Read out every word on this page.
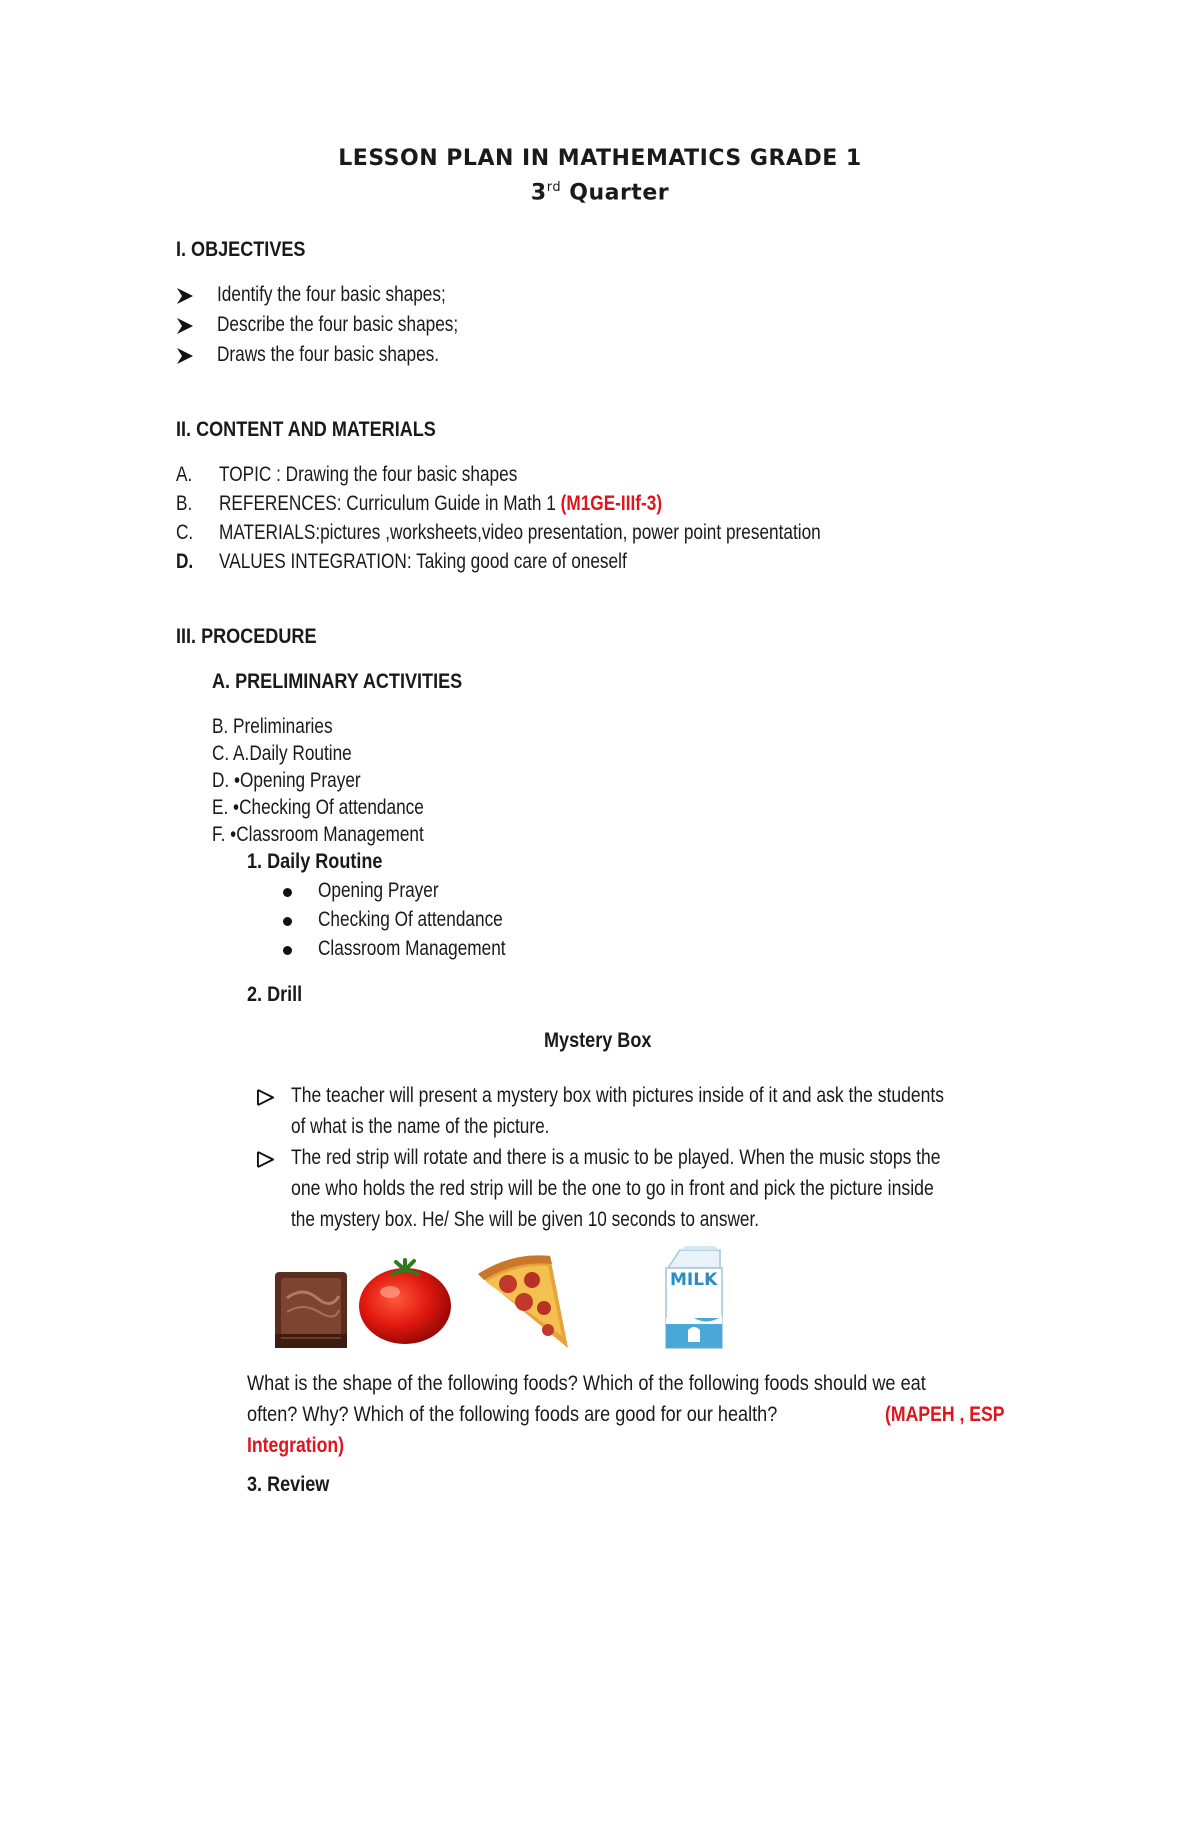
LESSON PLAN IN MATHEMATICS GRADE 1
3rd Quarter
I. OBJECTIVES
Identify the four basic shapes;
Describe the four basic shapes;
Draws the four basic shapes.
II. CONTENT AND MATERIALS
A. TOPIC : Drawing the four basic shapes
B. REFERENCES: Curriculum Guide in Math 1 (M1GE-IIIf-3)
C. MATERIALS:pictures ,worksheets,video presentation, power point presentation
D. VALUES INTEGRATION: Taking good care of oneself
III. PROCEDURE
A. PRELIMINARY ACTIVITIES
B. Preliminaries
C. A.Daily Routine
D. •Opening Prayer
E. •Checking Of attendance
F. •Classroom Management
1. Daily Routine
Opening Prayer
Checking Of attendance
Classroom Management
2. Drill
Mystery Box
The teacher will present a mystery box with pictures inside of it and ask the students
of what is the name of the picture.
The red strip will rotate and there is a music to be played. When the music stops the
one who holds the red strip will be the one to go in front and pick the picture inside
the mystery box. He/ She will be given 10 seconds to answer.
MILK
What is the shape of the following foods? Which of the following foods should we eat
often? Why? Which of the following foods are good for our health?	(MAPEH , ESP
Integration)
3. Review
